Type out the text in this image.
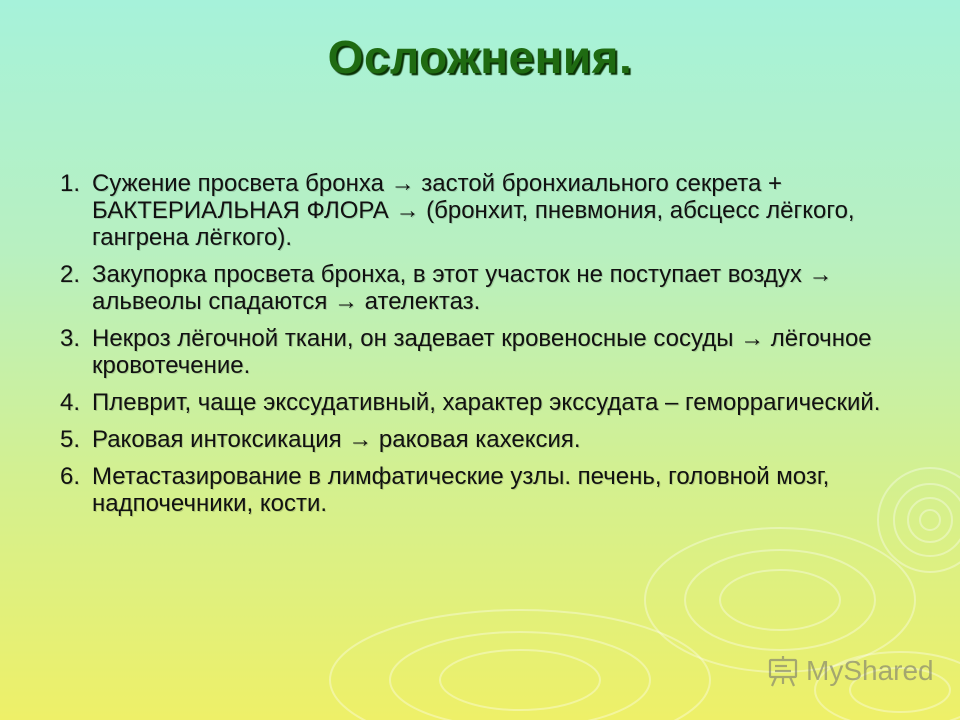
Осложнения.
1. Сужение просвета бронха → застой бронхиального секрета + БАКТЕРИАЛЬНАЯ ФЛОРА → (бронхит, пневмония, абсцесс лёгкого, гангрена лёгкого).
2. Закупорка просвета бронха, в этот участок не поступает воздух → альвеолы спадаются → ателектаз.
3. Некроз лёгочной ткани, он задевает кровеносные сосуды → лёгочное кровотечение.
4. Плеврит, чаще экссудативный, характер экссудата – геморрагический.
5. Раковая интоксикация → раковая кахексия.
6. Метастазирование в лимфатические узлы. печень, головной мозг, надпочечники, кости.
MyShared
